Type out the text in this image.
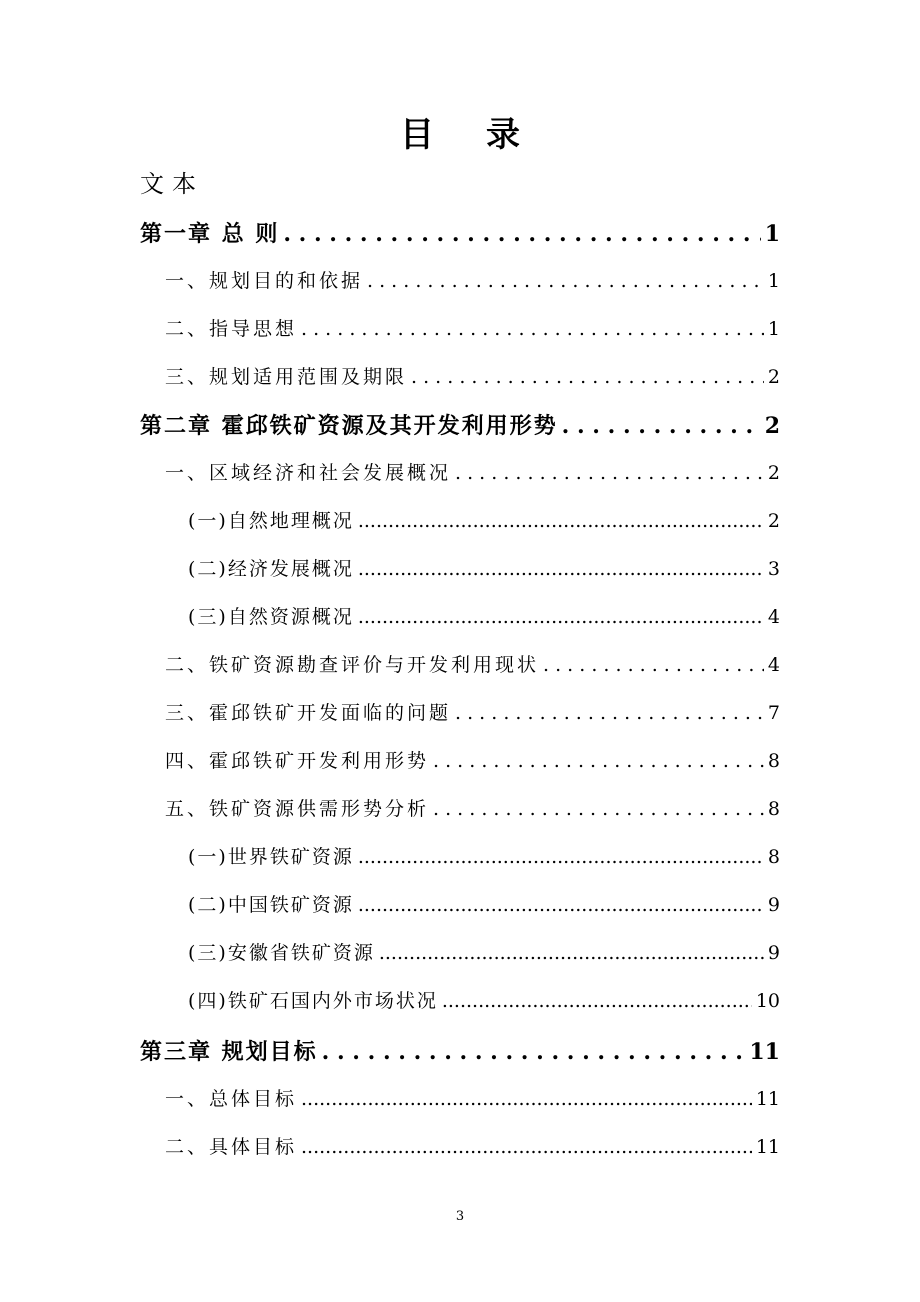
目录
文本
第一章 总 则 . . .	1
一、规划目的和依据 . . .	1
二、指导思想 . . .	1
三、规划适用范围及期限 . . .	2
第二章 霍邱铁矿资源及其开发利用形势 . . .	2
一、区域经济和社会发展概况 . . .	2
(一)自然地理概况 .....	2
(二)经济发展概况 .....	3
(三)自然资源概况 .....	4
二、铁矿资源勘查评价与开发利用现状 . . .	4
三、霍邱铁矿开发面临的问题 . . .	7
四、霍邱铁矿开发利用形势 . . .	8
五、铁矿资源供需形势分析 . . .	8
(一)世界铁矿资源 .....	8
(二)中国铁矿资源 .....	9
(三)安徽省铁矿资源 .....	9
(四)铁矿石国内外市场状况 .....	10
第三章 规划目标 . . .	11
一、总体目标 .....	11
二、具体目标 .....	11
3
